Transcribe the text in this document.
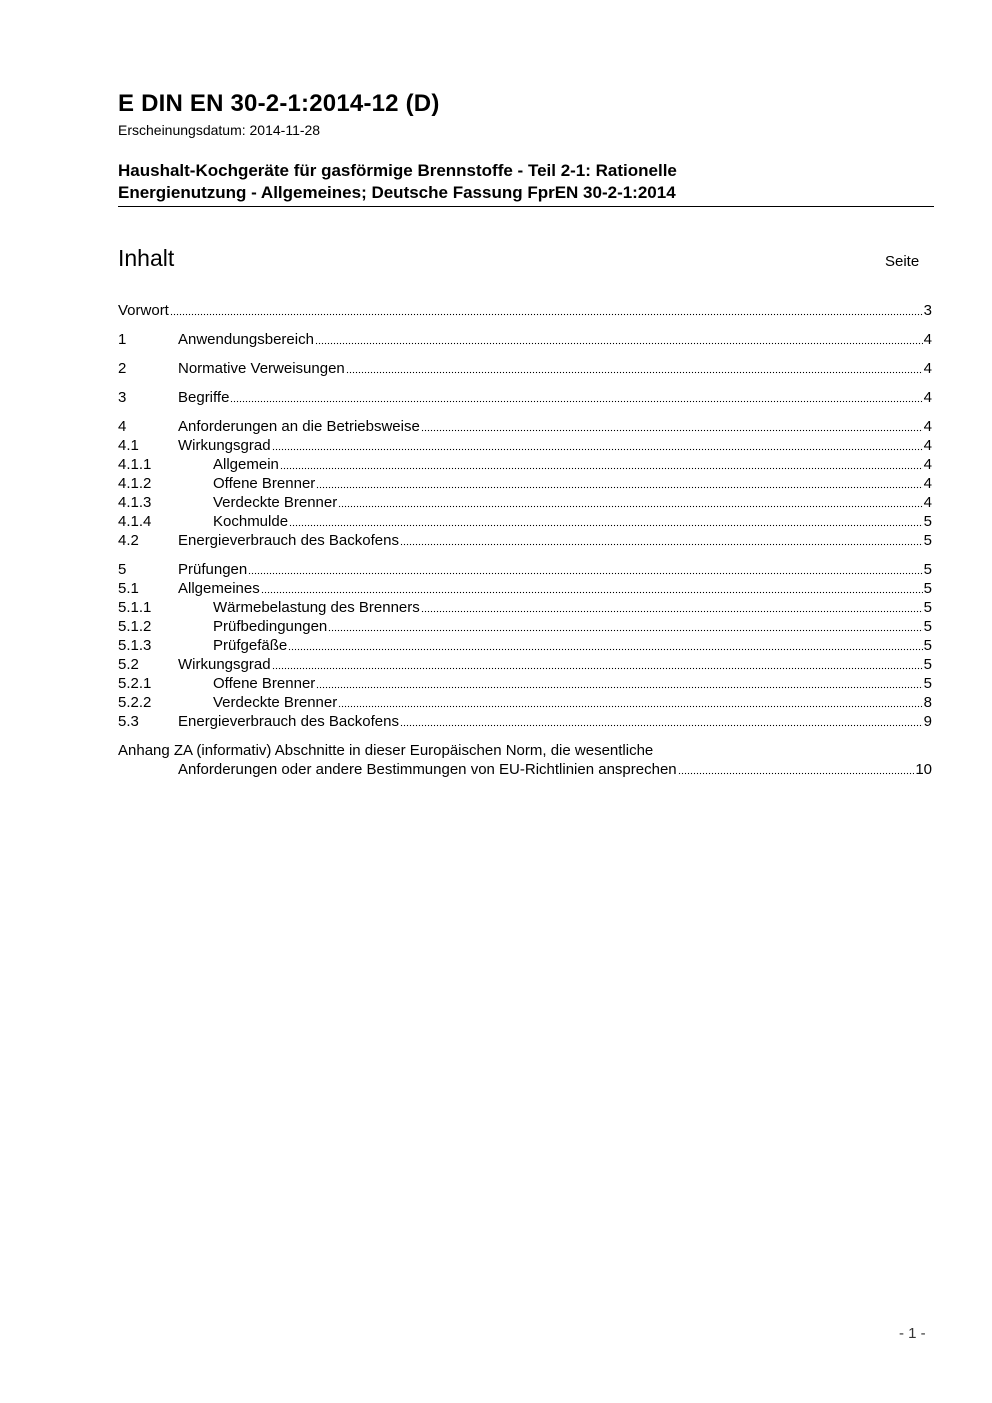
E DIN EN 30-2-1:2014-12 (D)
Erscheinungsdatum: 2014-11-28
Haushalt-Kochgeräte für gasförmige Brennstoffe - Teil 2-1: Rationelle
Energienutzung - Allgemeines; Deutsche Fassung FprEN 30-2-1:2014
Inhalt	Seite
Vorwort	3
1	Anwendungsbereich	4
2	Normative Verweisungen	4
3	Begriffe	4
4	Anforderungen an die Betriebsweise	4
4.1	Wirkungsgrad	4
4.1.1	Allgemein	4
4.1.2	Offene Brenner	4
4.1.3	Verdeckte Brenner	4
4.1.4	Kochmulde	5
4.2	Energieverbrauch des Backofens	5
5	Prüfungen	5
5.1	Allgemeines	5
5.1.1	Wärmebelastung des Brenners	5
5.1.2	Prüfbedingungen	5
5.1.3	Prüfgefäße	5
5.2	Wirkungsgrad	5
5.2.1	Offene Brenner	5
5.2.2	Verdeckte Brenner	8
5.3	Energieverbrauch des Backofens	9
Anhang ZA (informativ) Abschnitte in dieser Europäischen Norm, die wesentliche
Anforderungen oder andere Bestimmungen von EU-Richtlinien ansprechen	10
- 1 -
